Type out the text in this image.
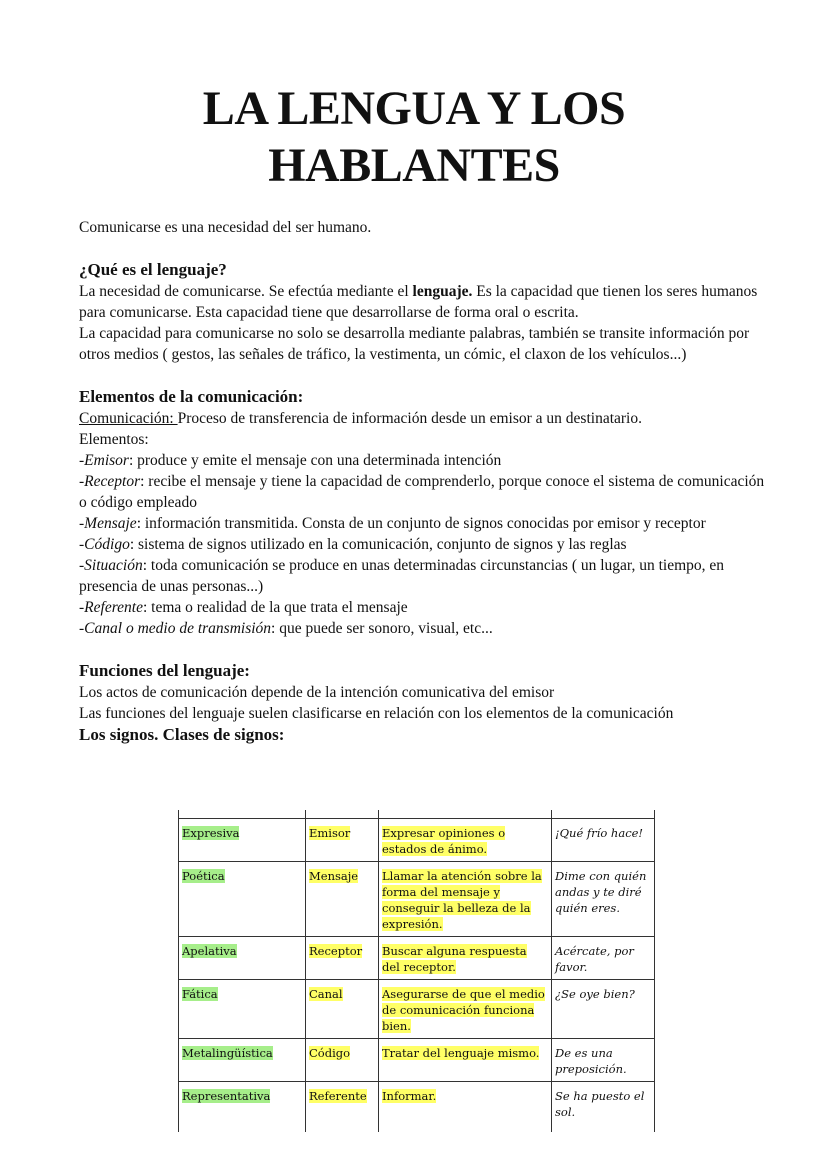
LA LENGUA Y LOS
HABLANTES

Comunicarse es una necesidad del ser humano.

¿Qué es el lenguaje?

La necesidad de comunicarse. Se efectúa mediante el lenguaje. Es la capacidad que tienen los seres humanos para comunicarse. Esta capacidad tiene que desarrollarse de forma oral o escrita.

La capacidad para comunicarse no solo se desarrolla mediante palabras, también se transite información por otros medios ( gestos, las señales de tráfico, la vestimenta, un cómic, el claxon de los vehículos...)

Elementos de la comunicación:

Comunicación: Proceso de transferencia de información desde un emisor a un destinatario.

Elementos:

-Emisor: produce y emite el mensaje con una determinada intención

-Receptor: recibe el mensaje y tiene la capacidad de comprenderlo, porque conoce el sistema de comunicación o código empleado

-Mensaje: información transmitida. Consta de un conjunto de signos conocidas por emisor y receptor

-Código: sistema de signos utilizado en la comunicación, conjunto de signos y las reglas

-Situación: toda comunicación se produce en unas determinadas circunstancias ( un lugar, un tiempo, en presencia de unas personas...)

-Referente: tema o realidad de la que trata el mensaje

-Canal o medio de transmisión: que puede ser sonoro, visual, etc...

Funciones del lenguaje:

Los actos de comunicación depende de la intención comunicativa del emisor

Las funciones del lenguaje suelen clasificarse en relación con los elementos de la comunicación

Los signos. Clases de signos:

Expresiva	Emisor	Expresar opiniones o estados de ánimo.	¡Qué frío hace!
Poética	Mensaje	Llamar la atención sobre la forma del mensaje y conseguir la belleza de la expresión.	Dime con quién andas y te diré quién eres.
Apelativa	Receptor	Buscar alguna respuesta del receptor.	Acércate, por favor.
Fática	Canal	Asegurarse de que el medio de comunicación funciona bien.	¿Se oye bien?
Metalingüística	Código	Tratar del lenguaje mismo.	De es una preposición.
Representativa	Referente	Informar.	Se ha puesto el sol.
